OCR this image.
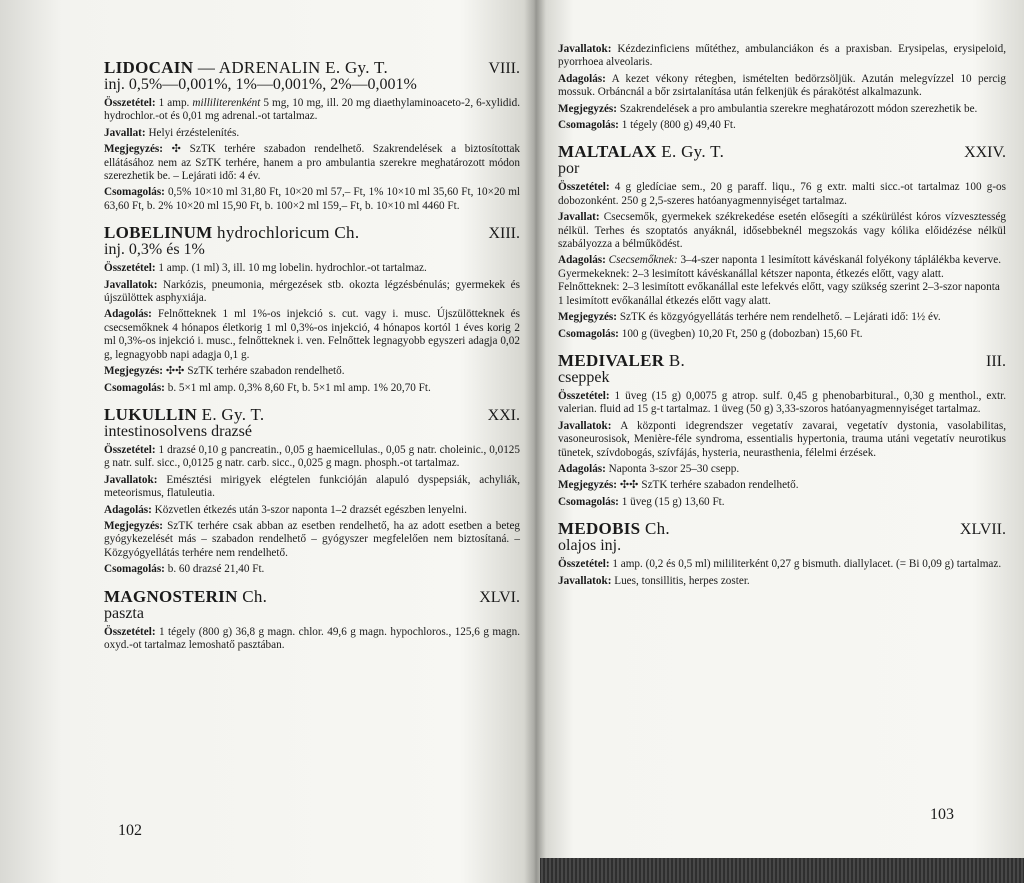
LIDOCAIN — ADRENALIN E. Gy. T.	VIII.
inj. 0,5%—0,001%, 1%—0,001%, 2%—0,001%
Összetétel: 1 amp. milliliterenként 5 mg, 10 mg, ill. 20 mg diaethylaminoaceto-2, 6-xylidid. hydrochlor.-ot és 0,01 mg adrenal.-ot tartalmaz.
Javallat: Helyi érzéstelenítés.
Megjegyzés: ✣ SzTK terhére szabadon rendelhető. Szakrendelések a biztosítottak ellátásához nem az SzTK terhére, hanem a pro ambulantia szerekre meghatározott módon szerezhetik be. – Lejárati idő: 4 év.
Csomagolás: 0,5% 10×10 ml 31,80 Ft, 10×20 ml 57,– Ft, 1% 10×10 ml 35,60 Ft, 10×20 ml 63,60 Ft, b. 2% 10×20 ml 15,90 Ft, b. 100×2 ml 159,– Ft, b. 10×10 ml 4460 Ft.
LOBELINUM hydrochloricum Ch.	XIII.
inj. 0,3% és 1%
Összetétel: 1 amp. (1 ml) 3, ill. 10 mg lobelin. hydrochlor.-ot tartalmaz.
Javallatok: Narkózis, pneumonia, mérgezések stb. okozta légzésbénulás; gyermekek és újszülöttek asphyxiája.
Adagolás: Felnőtteknek 1 ml 1%-os injekció s. cut. vagy i. musc. Újszülötteknek és csecsemőknek 4 hónapos életkorig 1 ml 0,3%-os injekció, 4 hónapos kortól 1 éves korig 2 ml 0,3%-os injekció i. musc., felnőtteknek i. ven. Felnőttek legnagyobb egyszeri adagja 0,02 g, legnagyobb napi adagja 0,1 g.
Megjegyzés: ✣✣ SzTK terhére szabadon rendelhető.
Csomagolás: b. 5×1 ml amp. 0,3% 8,60 Ft, b. 5×1 ml amp. 1% 20,70 Ft.
LUKULLIN E. Gy. T.	XXI.
intestinosolvens drazsé
Összetétel: 1 drazsé 0,10 g pancreatin., 0,05 g haemicellulas., 0,05 g natr. choleinic., 0,0125 g natr. sulf. sicc., 0,0125 g natr. carb. sicc., 0,025 g magn. phosph.-ot tartalmaz.
Javallatok: Emésztési mirigyek elégtelen funkcióján alapuló dyspepsiák, achyliák, meteorismus, flatuleutia.
Adagolás: Közvetlen étkezés után 3-szor naponta 1–2 drazsét egészben lenyelni.
Megjegyzés: SzTK terhére csak abban az esetben rendelhető, ha az adott esetben a beteg gyógykezelését más – szabadon rendelhető – gyógyszer megfelelően nem biztosítaná. – Közgyógyellátás terhére nem rendelhető.
Csomagolás: b. 60 drazsé 21,40 Ft.
MAGNOSTERIN Ch.	XLVI.
paszta
Összetétel: 1 tégely (800 g) 36,8 g magn. chlor. 49,6 g magn. hypochloros., 125,6 g magn. oxyd.-ot tartalmaz lemoshatő pasztában.
102
Javallatok: Kézdezinficiens műtéthez, ambulanciákon és a praxisban. Erysipelas, erysipeloid, pyorrhoea alveolaris.
Adagolás: A kezet vékony rétegben, ismételten bedörzsöljük. Azután melegvízzel 10 percig mossuk. Orbáncnál a bőr zsirtalanítása után felkenjük és párakötést alkalmazunk.
Megjegyzés: Szakrendelések a pro ambulantia szerekre meghatározott módon szerezhetik be.
Csomagolás: 1 tégely (800 g) 49,40 Ft.
MALTALAX E. Gy. T.	XXIV.
por
Összetétel: 4 g gledíciae sem., 20 g paraff. liqu., 76 g extr. malti sicc.-ot tartalmaz 100 g-os dobozonként. 250 g 2,5-szeres hatóanyagmennyiséget tartalmaz.
Javallat: Csecsemők, gyermekek székrekedése esetén elősegíti a székürülést kóros vízvesztesség nélkül. Terhes és szoptatós anyáknál, idősebbeknél megszokás vagy kólika előidézése nélkül szabályozza a bélműködést.
Adagolás: Csecsemőknek: 3–4-szer naponta 1 lesimított kávéskanál folyékony táplálékba keverve.
Gyermekeknek: 2–3 lesimított kávéskanállal kétszer naponta, étkezés előtt, vagy alatt.
Felnőtteknek: 2–3 lesimított evőkanállal este lefekvés előtt, vagy szükség szerint 2–3-szor naponta 1 lesimított evőkanállal étkezés előtt vagy alatt.
Megjegyzés: SzTK és közgyógyellátás terhére nem rendelhető. – Lejárati idő: 1½ év.
Csomagolás: 100 g (üvegben) 10,20 Ft, 250 g (dobozban) 15,60 Ft.
MEDIVALER B.	III.
cseppek
Összetétel: 1 üveg (15 g) 0,0075 g atrop. sulf. 0,45 g phenobarbitural., 0,30 g menthol., extr. valerian. fluid ad 15 g-t tartalmaz. 1 üveg (50 g) 3,33-szoros hatóanyagmennyiséget tartalmaz.
Javallatok: A központi idegrendszer vegetatív zavarai, vegetatív dystonia, vasolabilitas, vasoneurosisok, Menière-féle syndroma, essentialis hypertonia, trauma utáni vegetatív neurotikus tünetek, szívdobogás, szívfájás, hysteria, neurasthenia, félelmi érzések.
Adagolás: Naponta 3-szor 25–30 csepp.
Megjegyzés: ✣✣ SzTK terhére szabadon rendelhető.
Csomagolás: 1 üveg (15 g) 13,60 Ft.
MEDOBIS Ch.	XLVII.
olajos inj.
Összetétel: 1 amp. (0,2 és 0,5 ml) mililiterként 0,27 g bismuth. diallylacet. (= Bi 0,09 g) tartalmaz.
Javallatok: Lues, tonsillitis, herpes zoster.
103
